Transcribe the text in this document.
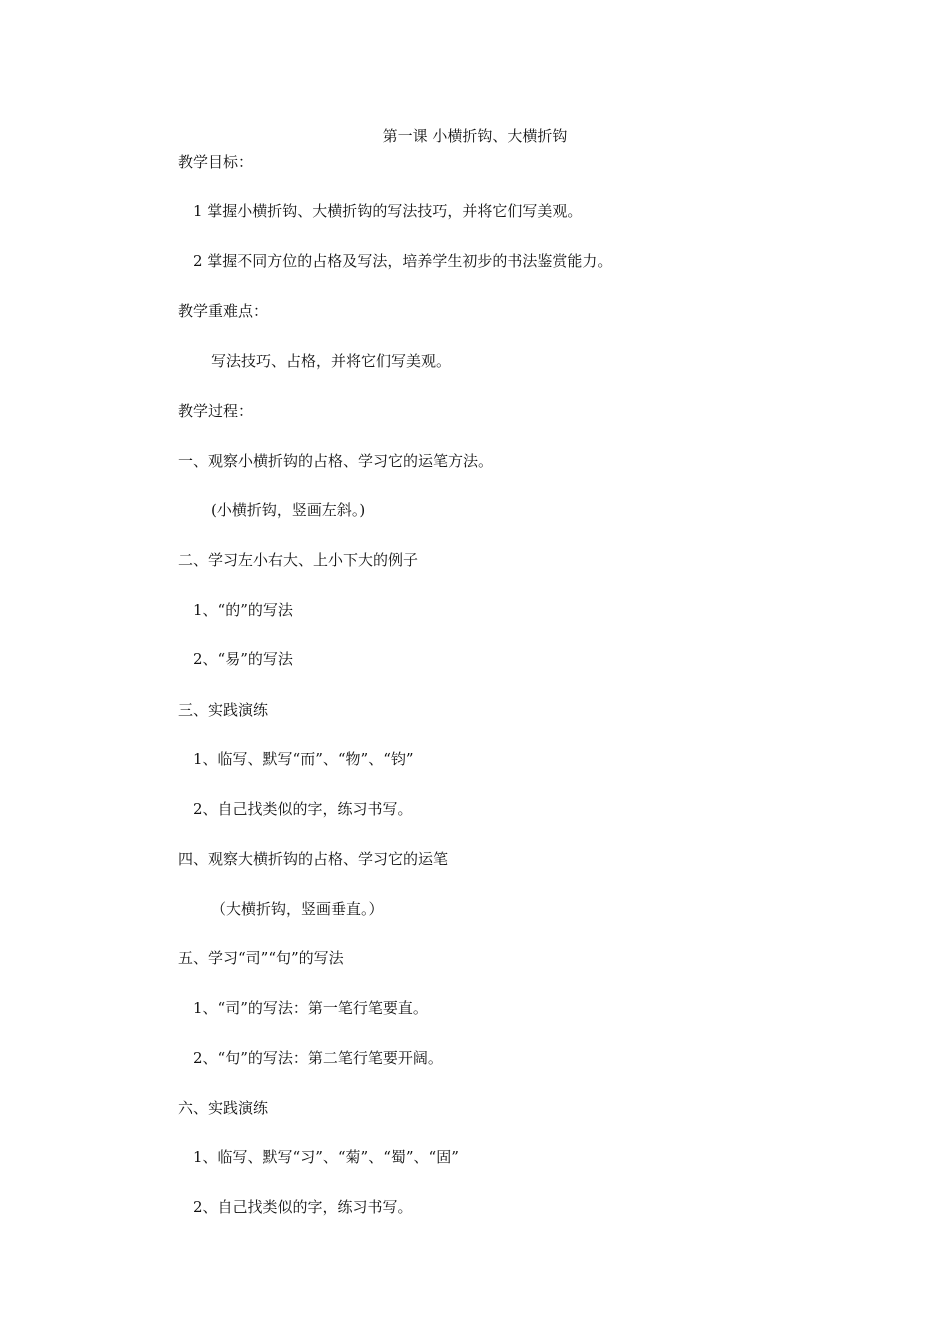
第一课 小横折钩、大横折钩
教学目标：
1 掌握小横折钩、大横折钩的写法技巧，并将它们写美观。
2 掌握不同方位的占格及写法，培养学生初步的书法鉴赏能力。
教学重难点：
写法技巧、占格，并将它们写美观。
教学过程：
一、观察小横折钩的占格、学习它的运笔方法。
(小横折钩，竖画左斜。)
二、学习左小右大、上小下大的例子
1、“的”的写法
2、“易”的写法
三、实践演练
1、临写、默写“而”、“物”、“钧”
2、自己找类似的字，练习书写。
四、观察大横折钩的占格、学习它的运笔
（大横折钩，竖画垂直。）
五、学习“司”“句”的写法
1、“司”的写法：第一笔行笔要直。
2、“句”的写法：第二笔行笔要开阔。
六、实践演练
1、临写、默写“习”、“菊”、“蜀”、“固”
2、自己找类似的字，练习书写。
